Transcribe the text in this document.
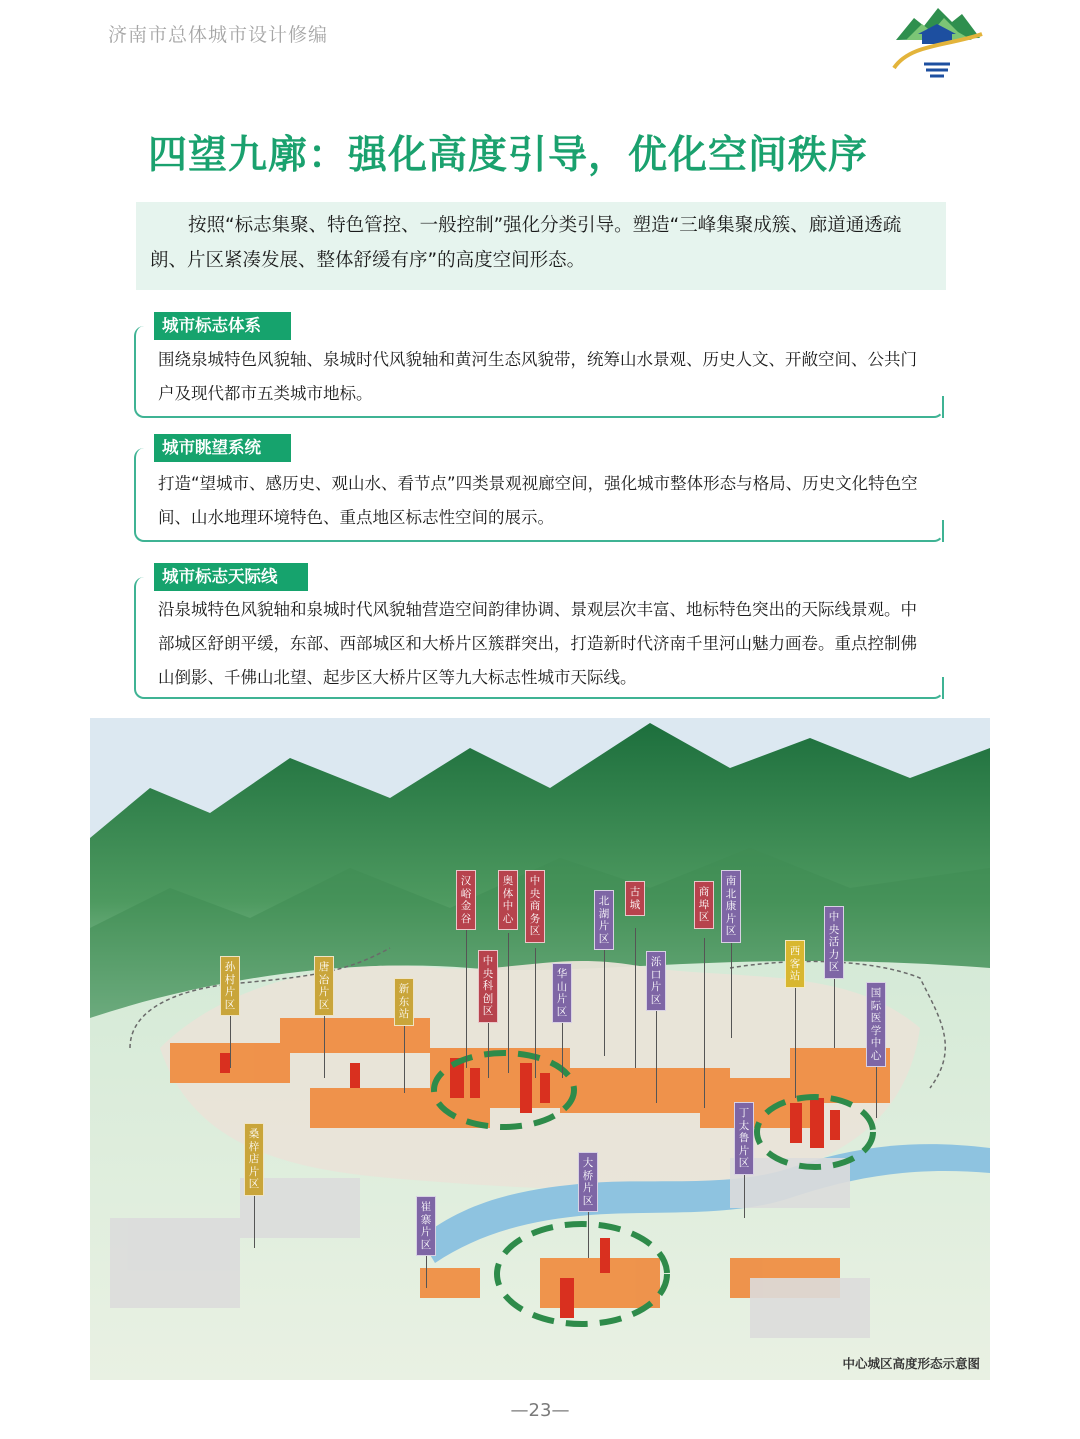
济南市总体城市设计修编
四望九廓：强化高度引导，优化空间秩序
按照“标志集聚、特色管控、一般控制”强化分类引导。塑造“三峰集聚成簇、廊道通透疏朗、片区紧凑发展、整体舒缓有序”的高度空间形态。
城市标志体系
围绕泉城特色风貌轴、泉城时代风貌轴和黄河生态风貌带，统筹山水景观、历史人文、开敞空间、公共门户及现代都市五类城市地标。
城市眺望系统
打造“望城市、感历史、观山水、看节点”四类景观视廊空间，强化城市整体形态与格局、历史文化特色空间、山水地理环境特色、重点地区标志性空间的展示。
城市标志天际线
沿泉城特色风貌轴和泉城时代风貌轴营造空间韵律协调、景观层次丰富、地标特色突出的天际线景观。中部城区舒朗平缓，东部、西部城区和大桥片区簇群突出，打造新时代济南千里河山魅力画卷。重点控制佛山倒影、千佛山北望、起步区大桥片区等九大标志性城市天际线。
孙村片区
唐冶片区
新东站
汉峪金谷
中央科创区
奥体中心
中央商务区
华山片区
北湖片区
古城
泺口片区
商埠区
南北康片区
西客站
中央活力区
国际医学中心
丁太鲁片区
大桥片区
崔寨片区
桑梓店片区
中心城区高度形态示意图
—23—
